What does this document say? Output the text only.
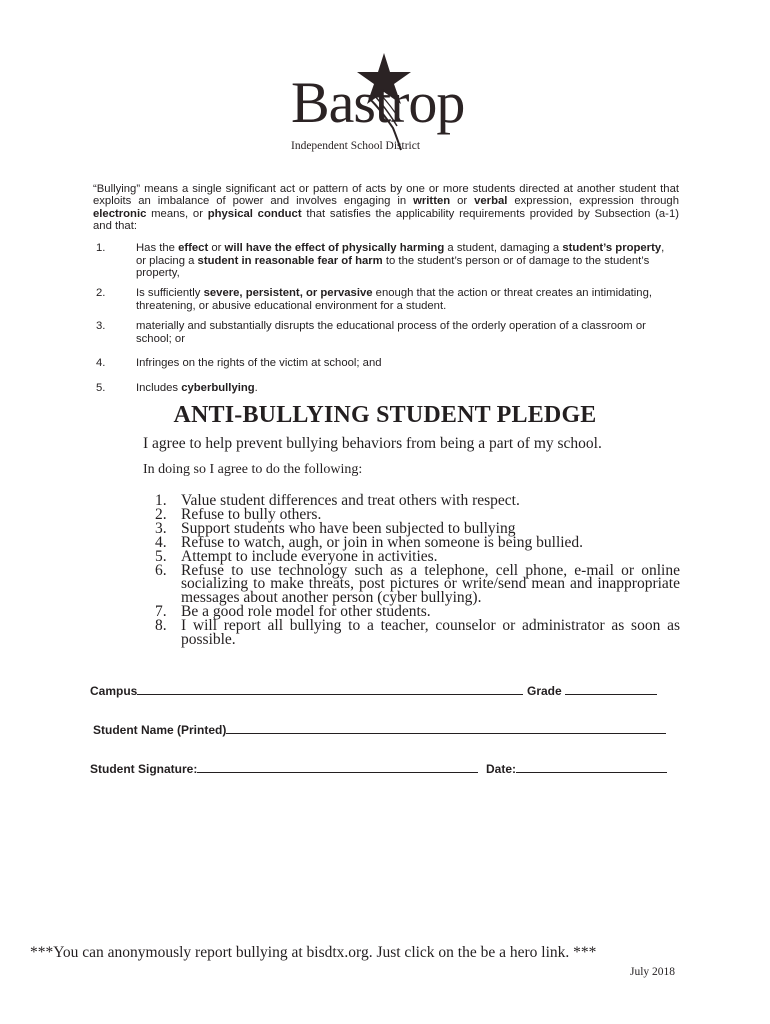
Bastrop
Independent School District
“Bullying” means a single significant act or pattern of acts by one or more students directed at another student that exploits an imbalance of power and involves engaging in written or verbal expression, expression through electronic means, or physical conduct that satisfies the applicability requirements provided by Subsection (a-1) and that:
1.	Has the effect or will have the effect of physically harming a student, damaging a student’s property, or placing a student in reasonable fear of harm to the student’s person or of damage to the student’s property,
2.	Is sufficiently severe, persistent, or pervasive enough that the action or threat creates an intimidating, threatening, or abusive educational environment for a student.
3.	materially and substantially disrupts the educational process of the orderly operation of a classroom or school; or
4.	Infringes on the rights of the victim at school; and
5.	Includes cyberbullying.
ANTI-BULLYING STUDENT PLEDGE
I agree to help prevent bullying behaviors from being a part of my school.
In doing so I agree to do the following:
1. Value student differences and treat others with respect.
2. Refuse to bully others.
3. Support students who have been subjected to bullying
4. Refuse to watch, augh, or join in when someone is being bullied.
5. Attempt to include everyone in activities.
6. Refuse to use technology such as a telephone, cell phone, e-mail or online socializing to make threats, post pictures or write/send mean and inappropriate messages about another person (cyber bullying).
7. Be a good role model for other students.
8. I will report all bullying to a teacher, counselor or administrator as soon as possible.
Campus	Grade
Student Name (Printed)
Student Signature:	Date:
***You can anonymously report bullying at bisdtx.org. Just click on the be a hero link. ***
July 2018
